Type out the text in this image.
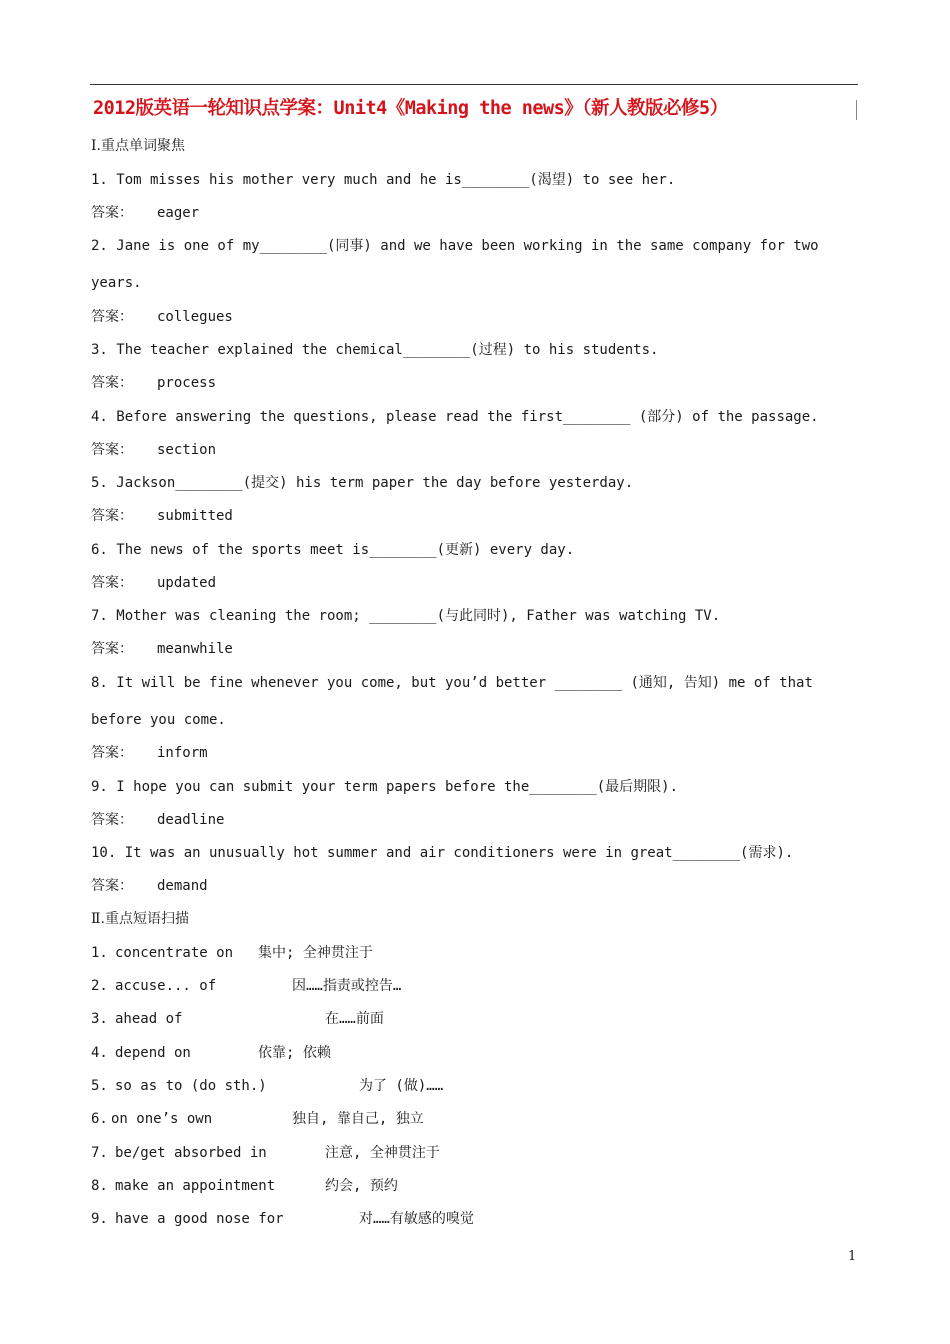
2012版英语一轮知识点学案：Unit4《Making the news》（新人教版必修5）
Ⅰ.重点单词聚焦
1. Tom misses his mother very much and he is________(渴望) to see her.
答案： eager
2. Jane is one of my________(同事) and we have been working in the same company for two
years.
答案： collegues
3. The teacher explained the chemical________(过程) to his students.
答案： process
4. Before answering the questions, please read the first________ (部分) of the passage.
答案： section
5. Jackson________(提交) his term paper the day before yesterday.
答案： submitted
6. The news of the sports meet is________(更新) every day.
答案： updated
7. Mother was cleaning the room; ________(与此同时), Father was watching TV.
答案： meanwhile
8. It will be fine whenever you come, but you’d better ________ (通知, 告知) me of that
before you come.
答案： inform
9. I hope you can submit your term papers before the________(最后期限).
答案： deadline
10. It was an unusually hot summer and air conditioners were in great________(需求).
答案： demand
Ⅱ.重点短语扫描
1. concentrate on 集中; 全神贯注于
2. accuse... of	因……指责或控告…
3. ahead of	在……前面
4. depend on	依靠; 依赖
5. so as to (do sth.)	为了 (做)……
6. on one’s own	独自, 靠自己, 独立
7. be/get absorbed in	注意, 全神贯注于
8. make an appointment	约会, 预约
9. have a good nose for	对……有敏感的嗅觉
1
